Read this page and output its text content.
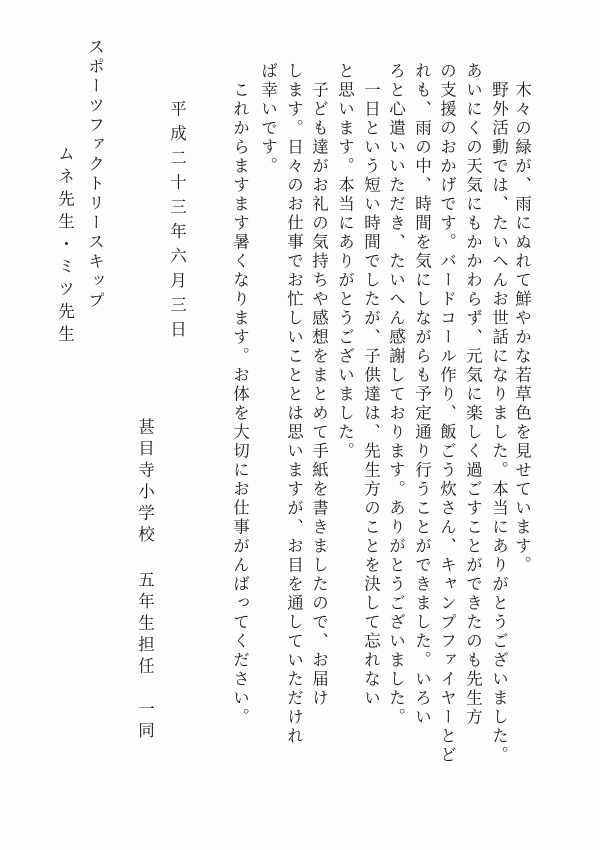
　木々の緑が、雨にぬれて鮮やかな若草色を見せています。
　野外活動では、たいへんお世話になりました。本当にありがとうございました。
あいにくの天気にもかかわらず、元気に楽しく過ごすことができたのも先生方
の支援のおかげです。バードコール作り、飯ごう炊さん、キャンプファイヤーとど
れも、雨の中、時間を気にしながらも予定通り行うことができました。いろい
ろと心遣いいただき、たいへん感謝しております。ありがとうございました。
　一日という短い時間でしたが、子供達は、先生方のことを決して忘れない
と思います。本当にありがとうございました。
　子ども達がお礼の気持ちや感想をまとめて手紙を書きましたので、お届け
します。日々のお仕事でお忙しいこととは思いますが、お目を通していただけれ
ば幸いです。
　これからますます暑くなります。お体を大切にお仕事がんばってください。
平成二十三年六月三日
甚目寺小学校五年生担任　一同
スポーツファクトリースキップ
ムネ先生・ミツ先生
